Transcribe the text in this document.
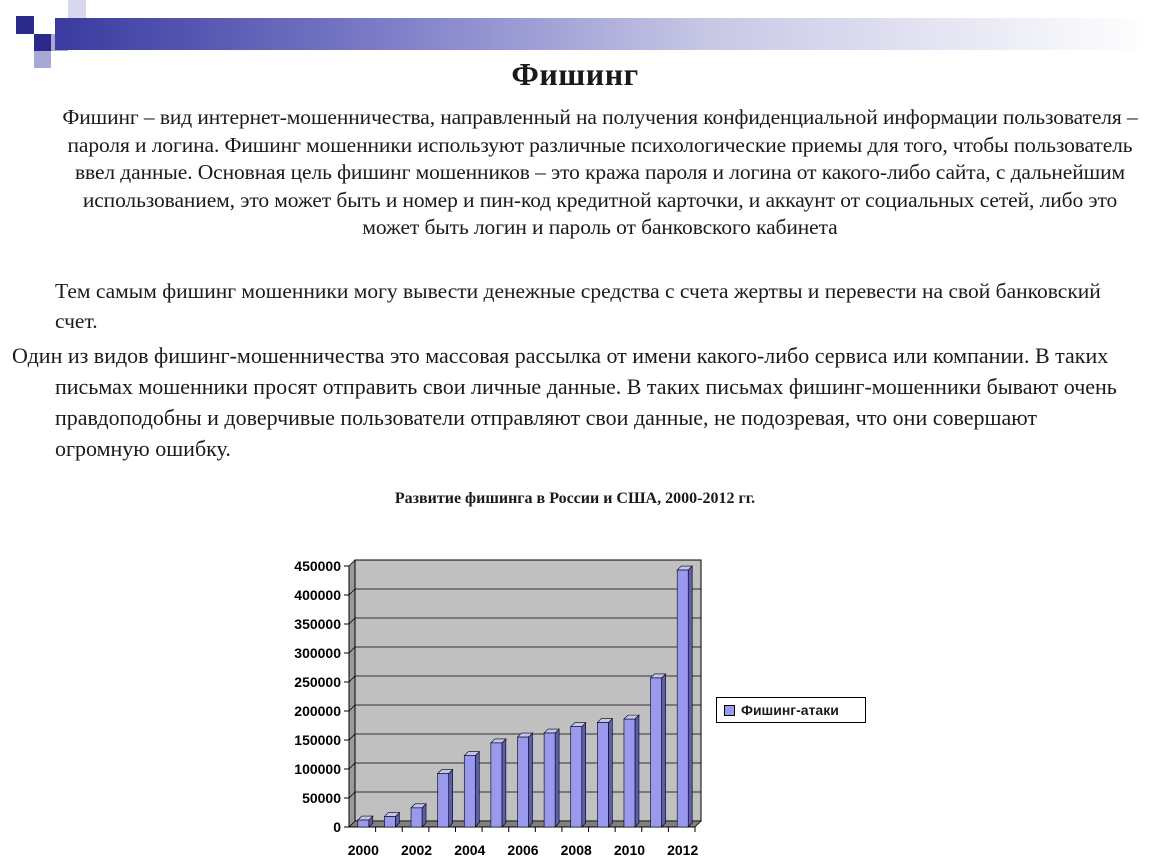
Фишинг

Фишинг – вид интернет-мошенничества, направленный на получения конфиденциальной информации пользователя – пароля и логина. Фишинг мошенники используют различные психологические приемы для того, чтобы пользователь ввел данные. Основная цель фишинг мошенников – это кража пароля и логина от какого-либо сайта, с дальнейшим использованием, это может быть и номер и пин-код кредитной карточки, и аккаунт от социальных сетей, либо это может быть логин и пароль от банковского кабинета

Тем самым фишинг мошенники могу вывести денежные средства с счета жертвы и перевести на свой банковский счет.

Один из видов фишинг-мошенничества это массовая рассылка от имени какого-либо сервиса или компании. В таких письмах мошенники просят отправить свои личные данные. В таких письмах фишинг-мошенники бывают очень правдоподобны и доверчивые пользователи отправляют свои данные, не подозревая, что они совершают огромную ошибку.

Развитие фишинга в России и США, 2000-2012 гг.
0
50000
100000
150000
200000
250000
300000
350000
400000
450000
2000 2002 2004 2006 2008 2010 2012
Фишинг-атаки
